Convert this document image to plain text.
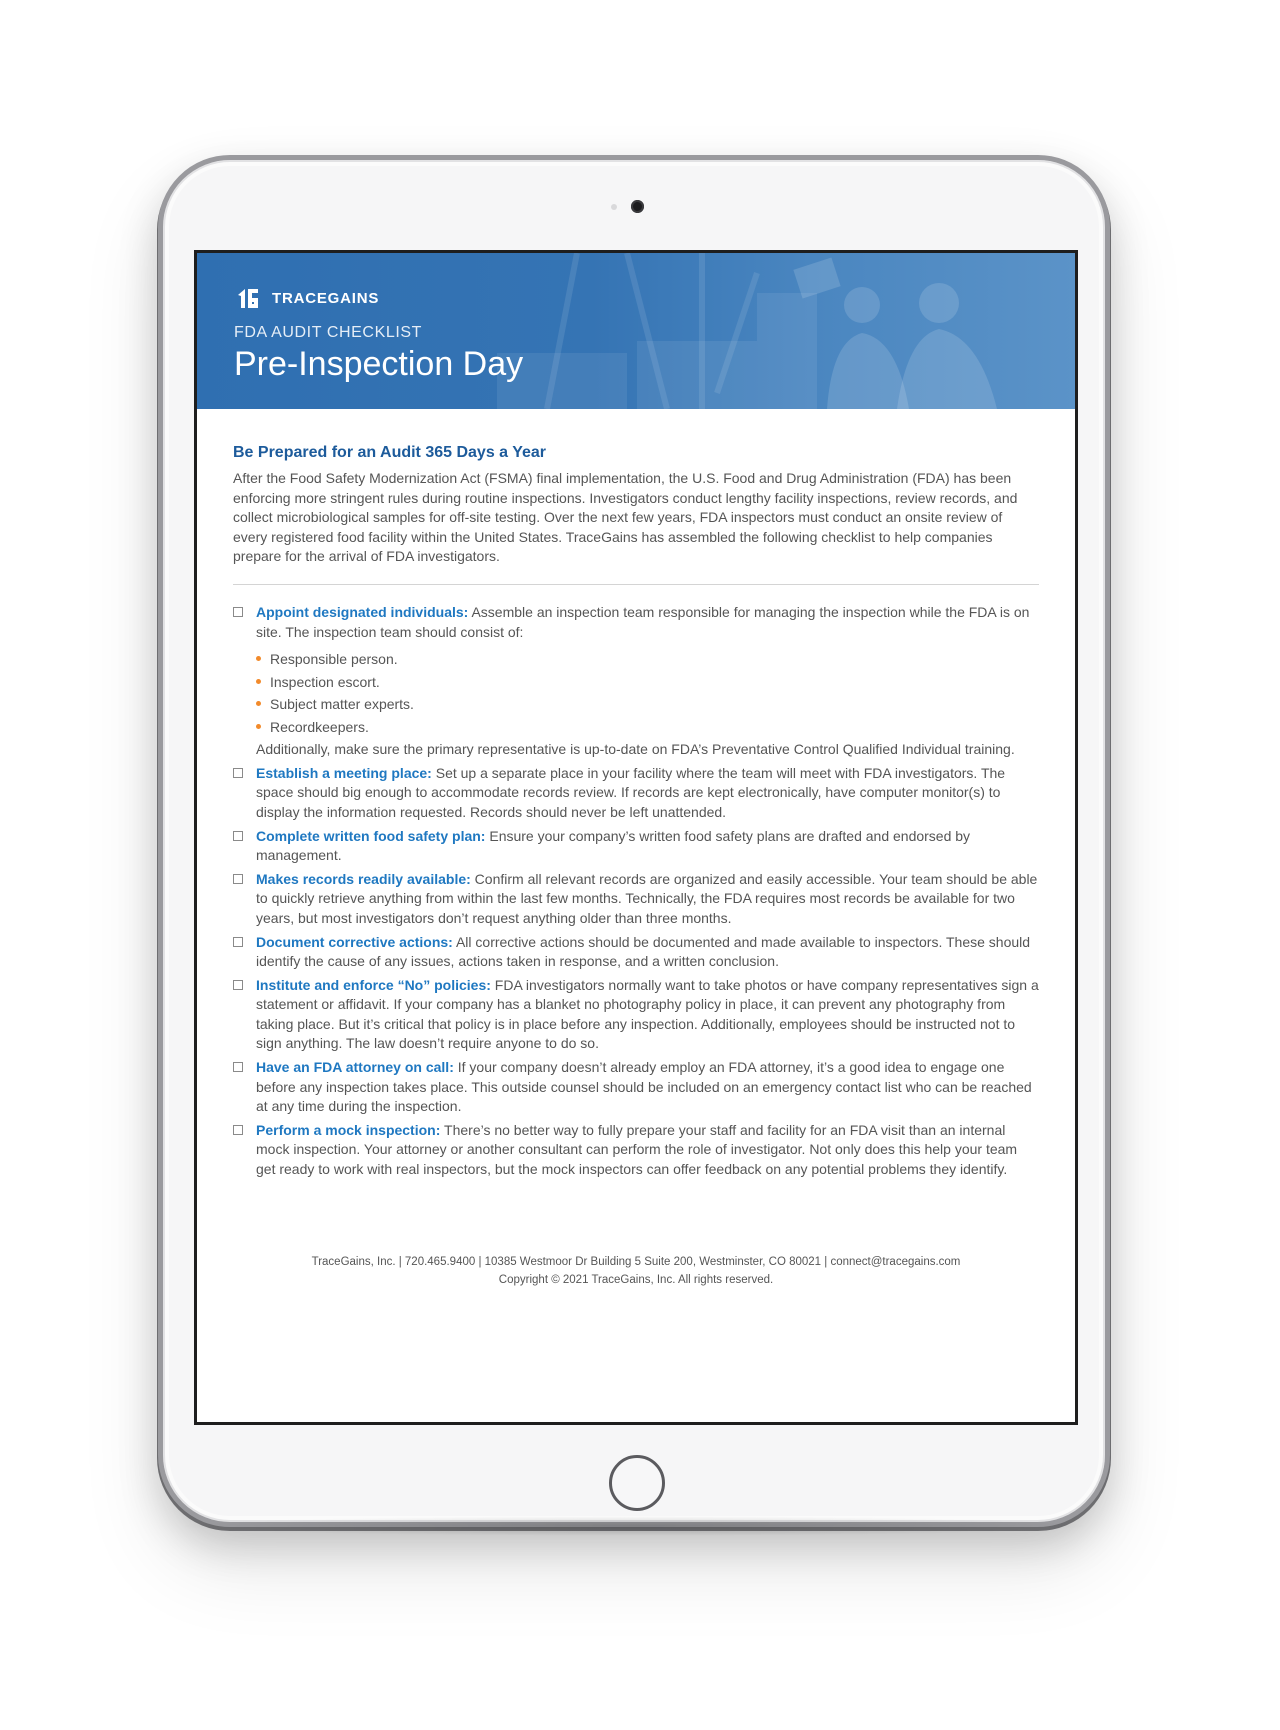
TRACEGAINS
FDA AUDIT CHECKLIST
Pre-Inspection Day
Be Prepared for an Audit 365 Days a Year

After the Food Safety Modernization Act (FSMA) final implementation, the U.S. Food and Drug Administration (FDA) has been enforcing more stringent rules during routine inspections. Investigators conduct lengthy facility inspections, review records, and collect microbiological samples for off-site testing. Over the next few years, FDA inspectors must conduct an onsite review of every registered food facility within the United States. TraceGains has assembled the following checklist to help companies prepare for the arrival of FDA investigators.

Appoint designated individuals: Assemble an inspection team responsible for managing the inspection while the FDA is on site. The inspection team should consist of:
Responsible person.
Inspection escort.
Subject matter experts.
Recordkeepers.

Additionally, make sure the primary representative is up-to-date on FDA’s Preventative Control Qualified Individual training.

Establish a meeting place: Set up a separate place in your facility where the team will meet with FDA investigators. The space should big enough to accommodate records review. If records are kept electronically, have computer monitor(s) to display the information requested. Records should never be left unattended.
Complete written food safety plan: Ensure your company’s written food safety plans are drafted and endorsed by management.
Makes records readily available: Confirm all relevant records are organized and easily accessible. Your team should be able to quickly retrieve anything from within the last few months. Technically, the FDA requires most records be available for two years, but most investigators don’t request anything older than three months.
Document corrective actions: All corrective actions should be documented and made available to inspectors. These should identify the cause of any issues, actions taken in response, and a written conclusion.
Institute and enforce “No” policies: FDA investigators normally want to take photos or have company representatives sign a statement or affidavit. If your company has a blanket no photography policy in place, it can prevent any photography from taking place. But it’s critical that policy is in place before any inspection. Additionally, employees should be instructed not to sign anything. The law doesn’t require anyone to do so.
Have an FDA attorney on call: If your company doesn’t already employ an FDA attorney, it’s a good idea to engage one before any inspection takes place. This outside counsel should be included on an emergency contact list who can be reached at any time during the inspection.
Perform a mock inspection: There’s no better way to fully prepare your staff and facility for an FDA visit than an internal mock inspection. Your attorney or another consultant can perform the role of investigator. Not only does this help your team get ready to work with real inspectors, but the mock inspectors can offer feedback on any potential problems they identify.
TraceGains, Inc. | 720.465.9400 | 10385 Westmoor Dr Building 5 Suite 200, Westminster, CO 80021 | connect@tracegains.com
Copyright © 2021 TraceGains, Inc. All rights reserved.
